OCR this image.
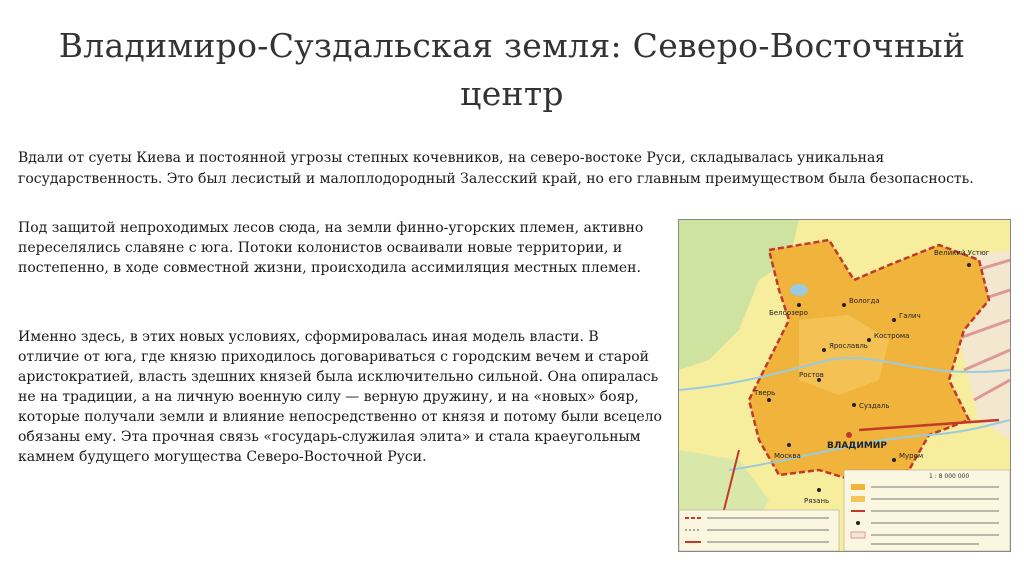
Владимиро-Суздальская земля: Северо-Восточный центр
Вдали от суеты Киева и постоянной угрозы степных кочевников, на северо-востоке Руси, складывалась уникальная государственность. Это был лесистый и малоплодородный Залесский край, но его главным преимуществом была безопасность.
Под защитой непроходимых лесов сюда, на земли финно-угорских племен, активно переселялись славяне с юга. Потоки колонистов осваивали новые территории, и постепенно, в ходе совместной жизни, происходила ассимиляция местных племен.
Именно здесь, в этих новых условиях, сформировалась иная модель власти. В отличие от юга, где князю приходилось договариваться с городским вечем и старой аристократией, власть здешних князей была исключительно сильной. Она опиралась не на традиции, а на личную военную силу — верную дружину, и на «новых» бояр, которые получали земли и влияние непосредственно от князя и потому были всецело обязаны ему. Эта прочная связь «государь-служилая элита» и стала краеугольным камнем будущего могущества Северо-Восточной Руси.
ВЛАДИМИР
Суздаль
Ростов
Ярославль
Кострома
Вологда
Галич
Великий Устюг
Белоозеро
Тверь
Москва
Рязань
Муром
1 : 8 000 000
